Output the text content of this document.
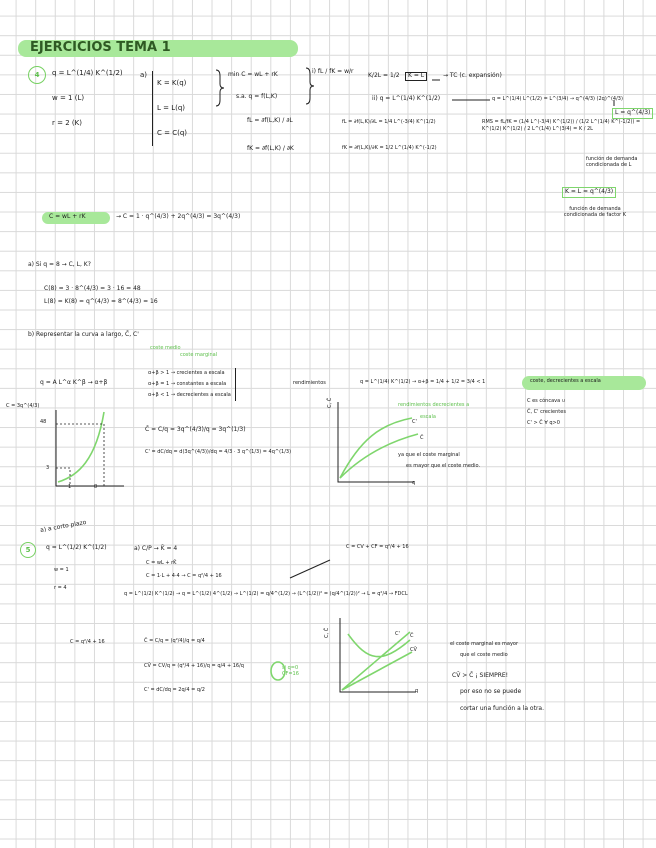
EJERCICIOS TEMA 1
4	q = L^(1/4) K^(1/2)
w = 1 (L)
r = 2 (K)
a)
K = K(q)
L = L(q)
C = C(q)
min C = wL + rK
s.a. q = f(L,K)
i) fL / fK = w/r
K/2L = 1/2	K = L	→ TC (c. expansión)
ii) q = L^(1/4) K^(1/2)	q = L^(1/4) L^(1/2) = L^(3/4) → q^(4/3) (2q)^(4/3)
L = q^(4/3)
fL = ∂f(L,K) / ∂L
fK = ∂f(L,K) / ∂K
fL = ∂f(L,K)/∂L = 1/4 L^(-3/4) K^(1/2)
fK = ∂f(L,K)/∂K = 1/2 L^(1/4) K^(-1/2)
RMS = fL/fK = (1/4 L^(-3/4) K^(1/2)) / (1/2 L^(1/4) K^(-1/2)) = K^(1/2) K^(1/2) / 2 L^(1/4) L^(3/4) = K / 2L
función de demanda condicionada de L
K = L = q^(4/3)
función de demanda condicionada de factor K
C = wL + rK	→ C = 1 · q^(4/3) + 2q^(4/3) = 3q^(4/3)
a) Si q = 8 → C, L, K?
C(8) = 3 · 8^(4/3) = 3 · 16 = 48
L(8) = K(8) = q^(4/3) = 8^(4/3) = 16
b) Representar la curva a largo, C̄, C'
coste medio
coste marginal
q = A L^α K^β → α+β
α+β > 1 → crecientes a escala
α+β = 1 → constantes a escala
α+β < 1 → decrecientes a escala
rendimientos	q = L^(1/4) K^(1/2) → α+β = 1/4 + 1/2 = 3/4 < 1	coste, decrecientes a escala
C es cóncava ∪
C̄, C' crecientes
C' > C̄ ∀ q>0
C = 3q^(4/3)
48
3
1	8
C̄ = C/q = 3q^(4/3)/q = 3q^(1/3)
C' = dC/dq = d(3q^(4/3))/dq = 4/3 · 3 q^(1/3) = 4q^(1/3)
rendimientos decrecientes a
escala
C'
C̄
ya que el coste marginal
es mayor que el coste medio.
C, C̄
q
5
a) a corto plazo
q = L^(1/2) K^(1/2)
w = 1
r = 4
a) C/P → K̄ = 4
C = wL + rK̄
C = 1·L + 4·4 → C = q²/4 + 16
C = CV + CF = q²/4 + 16
q = L^(1/2) K^(1/2) → q = L^(1/2) 4^(1/2) → L^(1/2) = q/4^(1/2) → (L^(1/2))² = (q/4^(1/2))² → L = q²/4 → FDCL
C = q²/4 + 16	C̄ = C/q = (q²/4)/q = q/4
CV̄ = CV/q = (q²/4 + 16)/q = q/4 + 16/q
C' = dC/dq = 2q/4 = q/2
si q=0 CF=16
C, C̄
q
C' C̄
CV̄
el coste marginal es mayor
que el coste medio
CV̄ > C̄ ¡ SIEMPRE!
por eso no se puede
cortar una función a la otra.
